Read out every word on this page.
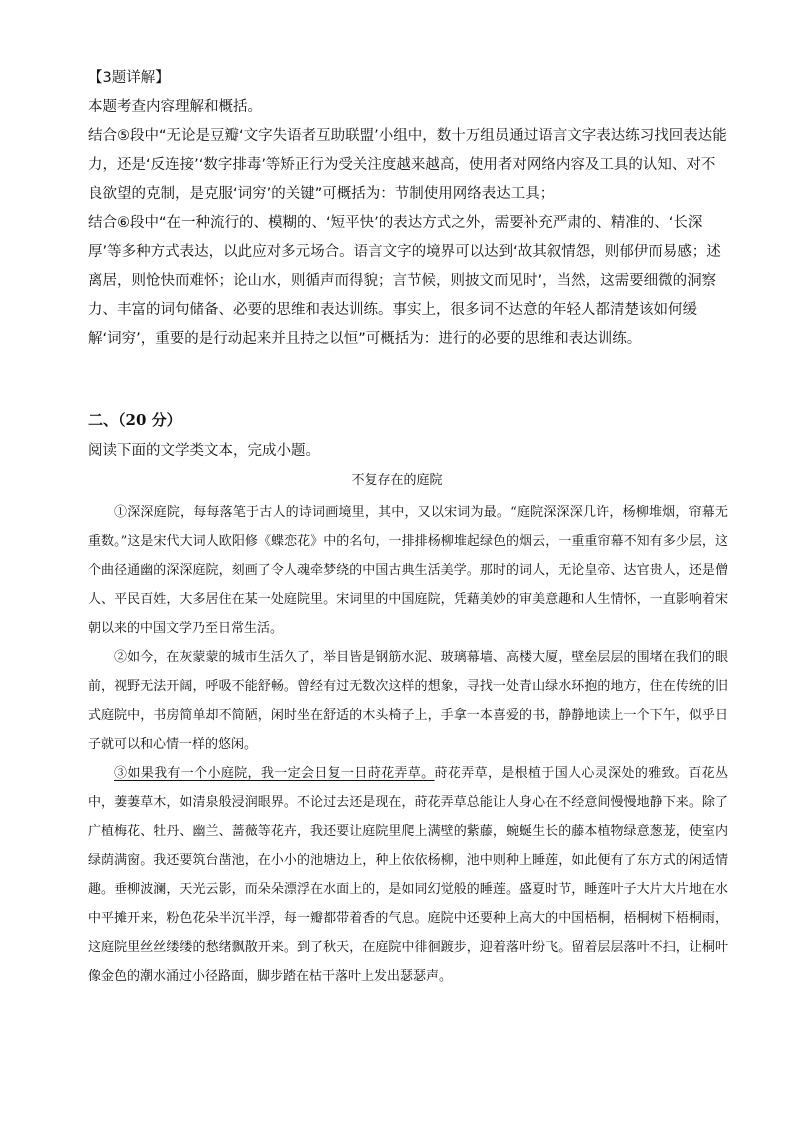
【3题详解】

本题考查内容理解和概括。

结合⑤段中“无论是豆瓣‘文字失语者互助联盟’小组中，数十万组员通过语言文字表达练习找回表达能力，还是‘反连接’‘数字排毒’等矫正行为受关注度越来越高，使用者对网络内容及工具的认知、对不良欲望的克制，是克服‘词穷’的关键”可概括为：节制使用网络表达工具；

结合⑥段中“在一种流行的、模糊的、‘短平快’的表达方式之外，需要补充严肃的、精准的、‘长深厚’等多种方式表达，以此应对多元场合。语言文字的境界可以达到‘故其叙情怨，则郁伊而易感；述离居，则怆快而难怀；论山水，则循声而得貌；言节候，则披文而见时’，当然，这需要细微的洞察力、丰富的词句储备、必要的思维和表达训练。事实上，很多词不达意的年轻人都清楚该如何缓解‘词穷’，重要的是行动起来并且持之以恒”可概括为：进行的必要的思维和表达训练。

二、（20 分）
阅读下面的文学类文本，完成小题。
不复存在的庭院

①深深庭院，每每落笔于古人的诗词画境里，其中，又以宋词为最。“庭院深深深几许，杨柳堆烟，帘幕无重数。”这是宋代大词人欧阳修《蝶恋花》中的名句，一排排杨柳堆起绿色的烟云，一重重帘幕不知有多少层，这个曲径通幽的深深庭院，刻画了令人魂牵梦绕的中国古典生活美学。那时的词人，无论皇帝、达官贵人，还是僧人、平民百姓，大多居住在某一处庭院里。宋词里的中国庭院，凭藉美妙的审美意趣和人生情怀，一直影响着宋朝以来的中国文学乃至日常生活。

②如今，在灰蒙蒙的城市生活久了，举目皆是钢筋水泥、玻璃幕墙、高楼大厦，壁垒层层的围堵在我们的眼前，视野无法开阔，呼吸不能舒畅。曾经有过无数次这样的想象，寻找一处青山绿水环抱的地方，住在传统的旧式庭院中，书房简单却不简陋，闲时坐在舒适的木头椅子上，手拿一本喜爱的书，静静地读上一个下午，似乎日子就可以和心情一样的悠闲。

③如果我有一个小庭院，我一定会日复一日莳花弄草。莳花弄草，是根植于国人心灵深处的雅致。百花丛中，萋萋草木，如清泉般浸润眼界。不论过去还是现在，莳花弄草总能让人身心在不经意间慢慢地静下来。除了广植梅花、牡丹、幽兰、蔷薇等花卉，我还要让庭院里爬上满壁的紫藤，蜿蜒生长的藤本植物绿意葱茏，使室内绿荫满窗。我还要筑台凿池，在小小的池塘边上，种上依依杨柳，池中则种上睡莲，如此便有了东方式的闲适情趣。垂柳波澜，天光云影，而朵朵漂浮在水面上的，是如同幻觉般的睡莲。盛夏时节，睡莲叶子大片大片地在水中平摊开来，粉色花朵半沉半浮，每一瓣都带着香的气息。庭院中还要种上高大的中国梧桐，梧桐树下梧桐雨，这庭院里丝丝缕缕的愁绪飘散开来。到了秋天，在庭院中徘徊踱步，迎着落叶纷飞。留着层层落叶不扫，让桐叶像金色的潮水涌过小径路面，脚步踏在枯干落叶上发出瑟瑟声。
